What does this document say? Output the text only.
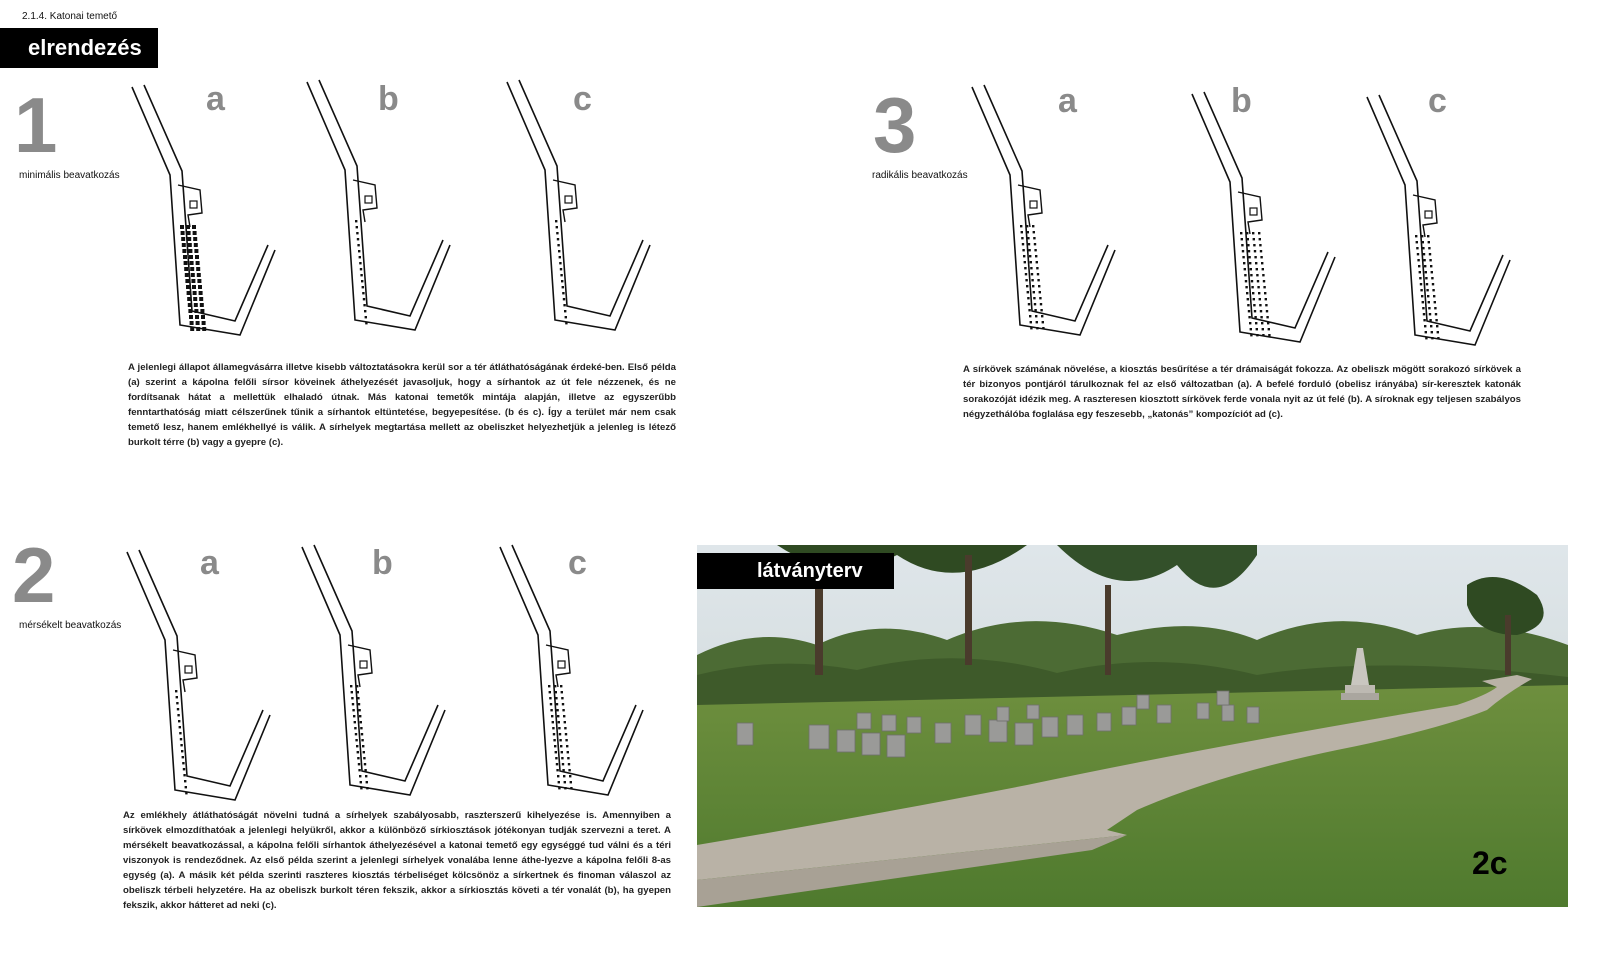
2.1.4. Katonai temető
elrendezés
1
minimális beavatkozás
a	b	c
A jelenlegi állapot államegvásárra illetve kisebb változtatásokra kerül sor a tér átláthatóságának érdeké-ben. Első példa (a) szerint a kápolna felőli sírsor köveinek áthelyezését javasoljuk, hogy a sírhantok az út fele nézzenek, és ne fordítsanak hátat a mellettük elhaladó útnak. Más katonai temetők mintája alapján, illetve az egyszerűbb fenntarthatóság miatt célszerűnek tűnik a sírhantok eltüntetése, begyepesítése. (b és c). Így a terület már nem csak temető lesz, hanem emlékhellyé is válik. A sírhelyek megtartása mellett az obeliszket helyezhetjük a jelenleg is létező burkolt térre (b) vagy a gyepre (c).
3
radikális beavatkozás
a	b	c
A sírkövek számának növelése, a kiosztás besűrítése a tér drámaiságát fokozza. Az obeliszk mögött sorakozó sírkövek a tér bizonyos pontjáról tárulkoznak fel az első változatban (a). A befelé forduló (obelisz irányába) sír-keresztek katonák sorakozóját idézik meg. A raszteresen kiosztott sírkövek ferde vonala nyit az út felé (b). A síroknak egy teljesen szabályos négyzethálóba foglalása egy feszesebb, „katonás” kompozíciót ad (c).
2
mérsékelt beavatkozás
a	b	c
Az emlékhely átláthatóságát növelni tudná a sírhelyek szabályosabb, raszterszerű kihelyezése is. Amennyiben a sírkövek elmozdíthatóak a jelenlegi helyükről, akkor a különböző sírkiosztások jótékonyan tudják szervezni a teret. A mérsékelt beavatkozással, a kápolna felőli sírhantok áthelyezésével a katonai temető egy egységgé tud válni és a téri viszonyok is rendeződnek. Az első példa szerint a jelenlegi sírhelyek vonalába lenne áthe-lyezve a kápolna felőli 8-as egység (a). A másik két példa szerinti raszteres kiosztás térbeliséget kölcsönöz a sírkertnek és finoman válaszol az obeliszk térbeli helyzetére. Ha az obeliszk burkolt téren fekszik, akkor a sírkiosztás követi a tér vonalát (b), ha gyepen fekszik, akkor hátteret ad neki (c).
2c
látványterv
